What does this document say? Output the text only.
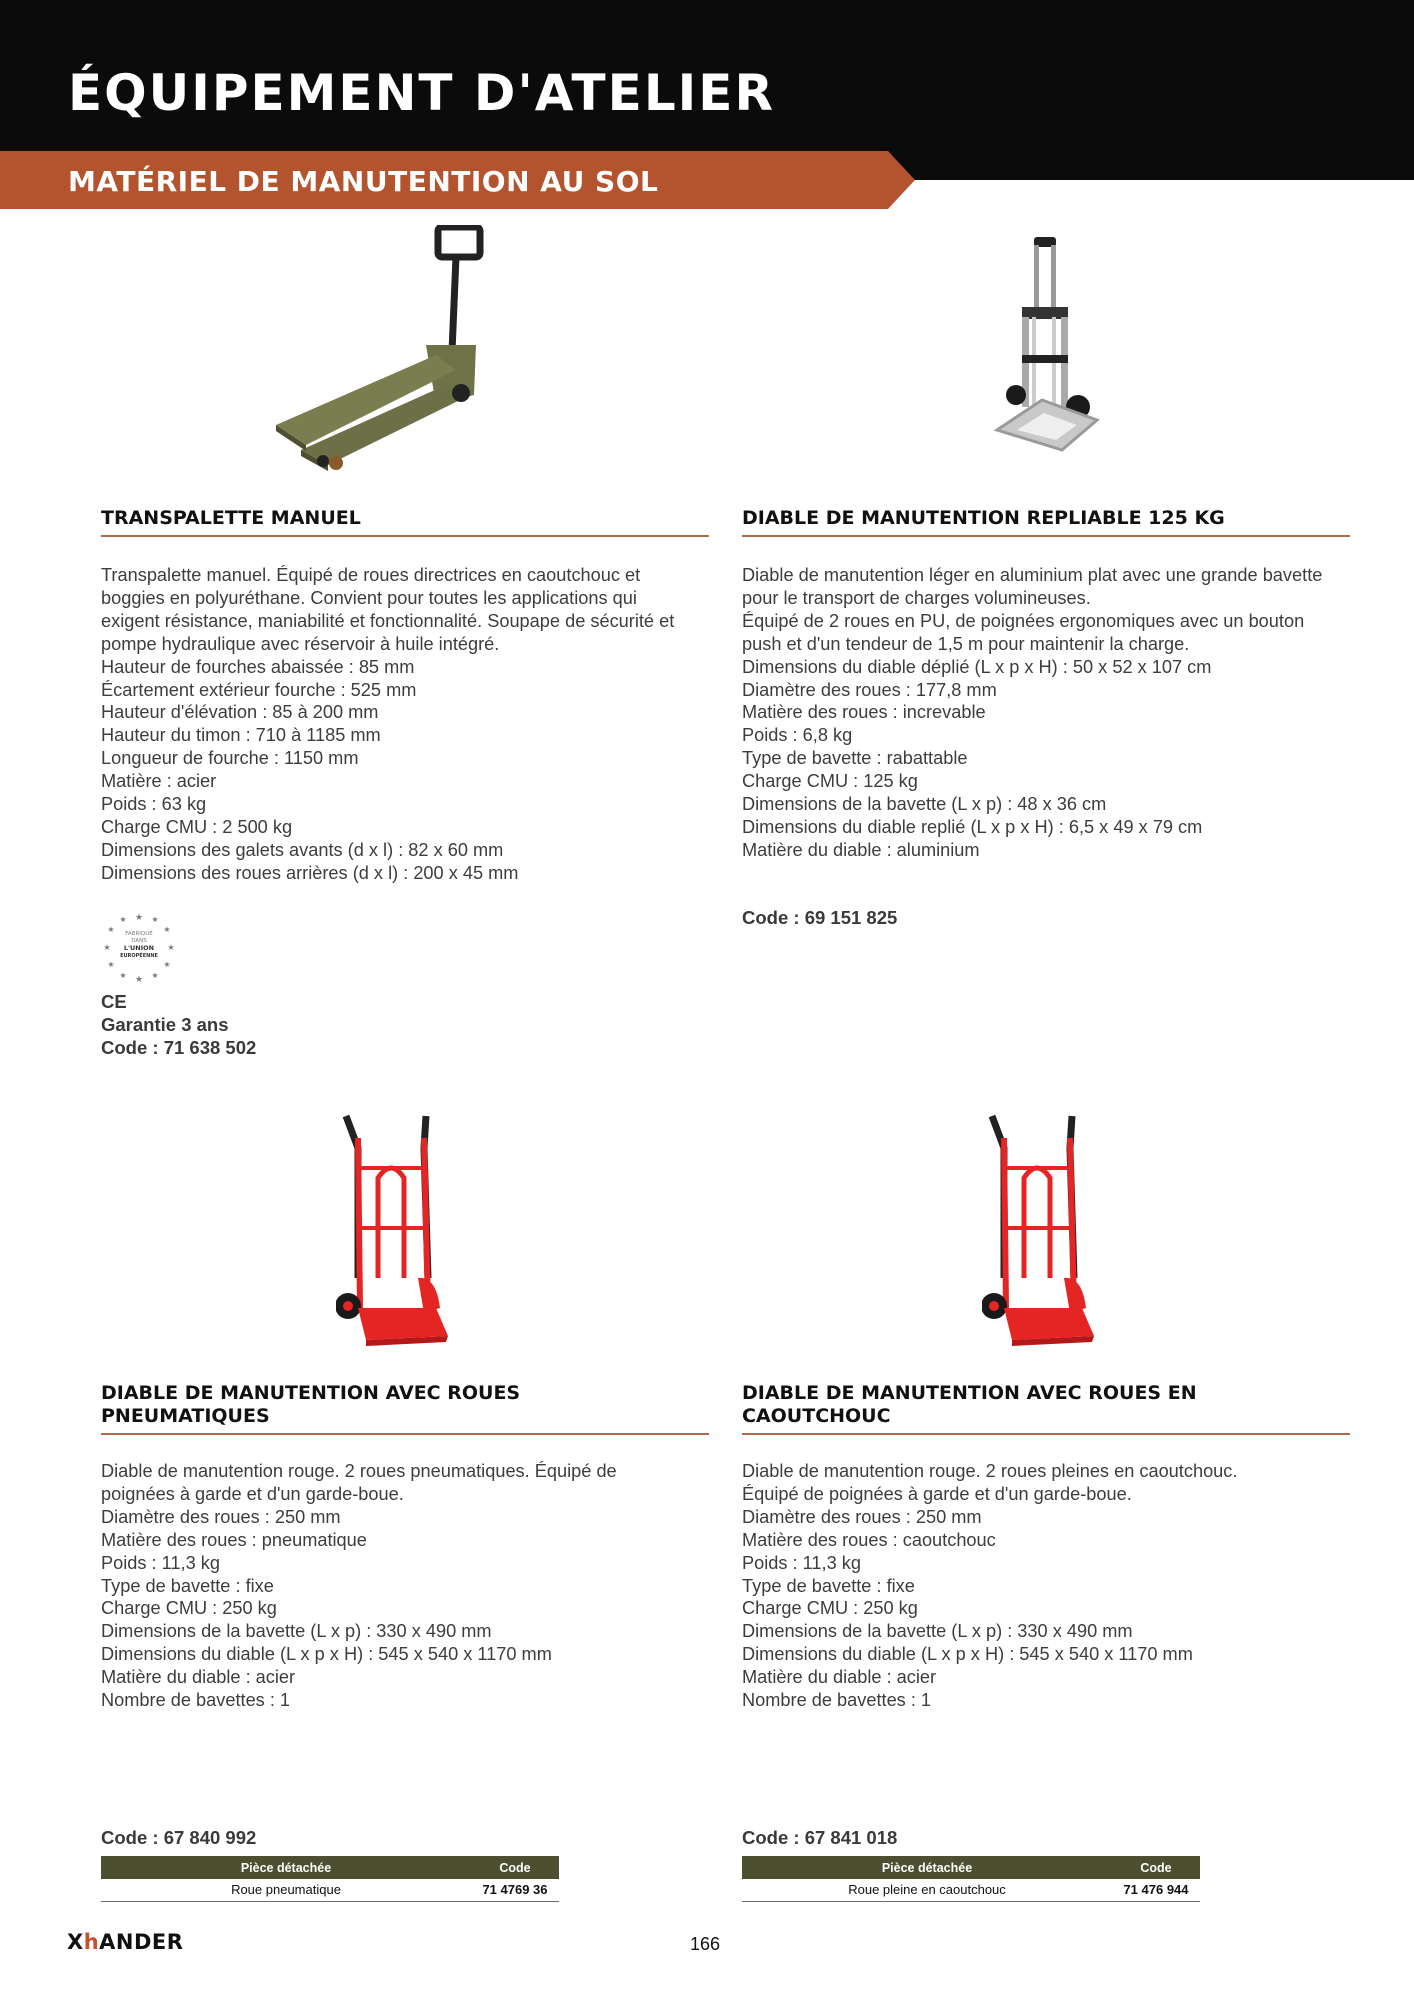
ÉQUIPEMENT D'ATELIER
MATÉRIEL DE MANUTENTION AU SOL
TRANSPALETTE MANUEL
Transpalette manuel. Équipé de roues directrices en caoutchouc et
boggies en polyuréthane. Convient pour toutes les applications qui
exigent résistance, maniabilité et fonctionnalité. Soupape de sécurité et
pompe hydraulique avec réservoir à huile intégré.
Hauteur de fourches abaissée : 85 mm
Écartement extérieur fourche : 525 mm
Hauteur d'élévation : 85 à 200 mm
Hauteur du timon : 710 à 1185 mm
Longueur de fourche : 1150 mm
Matière : acier
Poids : 63 kg
Charge CMU : 2 500 kg
Dimensions des galets avants (d x l) : 82 x 60 mm
Dimensions des roues arrières (d x l) : 200 x 45 mm
★
★	★
★	★
★	★
★	★
★	★
★
FABRIQUÉ
DANS
L'UNION
EUROPÉENNE
CE
Garantie 3 ans
Code : 71 638 502
DIABLE DE MANUTENTION REPLIABLE 125 KG
Diable de manutention léger en aluminium plat avec une grande bavette
pour le transport de charges volumineuses.
Équipé de 2 roues en PU, de poignées ergonomiques avec un bouton
push et d'un tendeur de 1,5 m pour maintenir la charge.
Dimensions du diable déplié (L x p x H) : 50 x 52 x 107 cm
Diamètre des roues : 177,8 mm
Matière des roues : increvable
Poids : 6,8 kg
Type de bavette : rabattable
Charge CMU : 125 kg
Dimensions de la bavette (L x p) : 48 x 36 cm
Dimensions du diable replié (L x p x H) : 6,5 x 49 x 79 cm
Matière du diable : aluminium
Code : 69 151 825
DIABLE DE MANUTENTION AVEC ROUES
PNEUMATIQUES
Diable de manutention rouge. 2 roues pneumatiques. Équipé de
poignées à garde et d'un garde-boue.
Diamètre des roues : 250 mm
Matière des roues : pneumatique
Poids : 11,3 kg
Type de bavette : fixe
Charge CMU : 250 kg
Dimensions de la bavette (L x p) : 330 x 490 mm
Dimensions du diable (L x p x H) : 545 x 540 x 1170 mm
Matière du diable : acier
Nombre de bavettes : 1
Code : 67 840 992
Pièce détachée	Code
Roue pneumatique	71 4769 36
DIABLE DE MANUTENTION AVEC ROUES EN
CAOUTCHOUC
Diable de manutention rouge. 2 roues pleines en caoutchouc.
Équipé de poignées à garde et d'un garde-boue.
Diamètre des roues : 250 mm
Matière des roues : caoutchouc
Poids : 11,3 kg
Type de bavette : fixe
Charge CMU : 250 kg
Dimensions de la bavette (L x p) : 330 x 490 mm
Dimensions du diable (L x p x H) : 545 x 540 x 1170 mm
Matière du diable : acier
Nombre de bavettes : 1
Code : 67 841 018
Pièce détachée	Code
Roue pleine en caoutchouc	71 476 944
XhANDER	166
